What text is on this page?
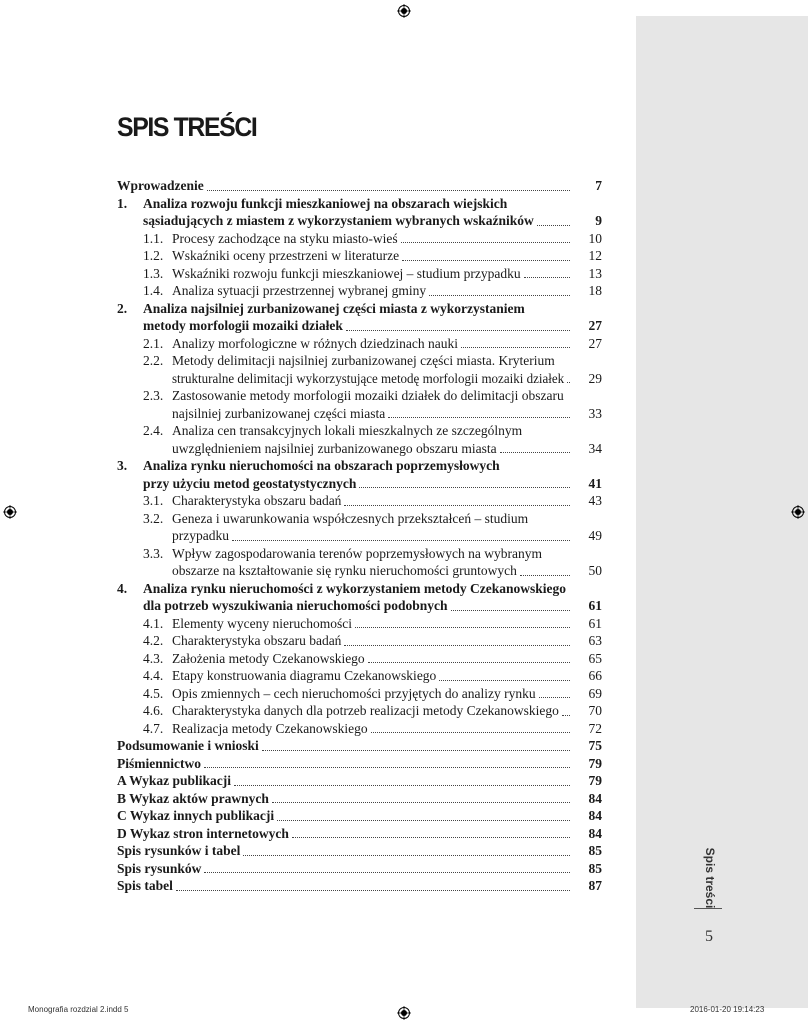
Spis treści
5
Monografia rozdzial 2.indd 5	2016-01-20 19:14:23
SPIS TREŚCI
Wprowadzenie	7
1. Analiza rozwoju funkcji mieszkaniowej na obszarach wiejskich
sąsiadujących z miastem z wykorzystaniem wybranych wskaźników	9
1.1. Procesy zachodzące na styku miasto-wieś	10
1.2. Wskaźniki oceny przestrzeni w literaturze	12
1.3. Wskaźniki rozwoju funkcji mieszkaniowej – studium przypadku	13
1.4. Analiza sytuacji przestrzennej wybranej gminy	18
2. Analiza najsilniej zurbanizowanej części miasta z wykorzystaniem
metody morfologii mozaiki działek	27
2.1. Analizy morfologiczne w różnych dziedzinach nauki	27
2.2. Metody delimitacji najsilniej zurbanizowanej części miasta. Kryterium
strukturalne delimitacji wykorzystujące metodę morfologii mozaiki działek	29
2.3. Zastosowanie metody morfologii mozaiki działek do delimitacji obszaru
najsilniej zurbanizowanej części miasta	33
2.4. Analiza cen transakcyjnych lokali mieszkalnych ze szczególnym
uwzględnieniem najsilniej zurbanizowanego obszaru miasta	34
3. Analiza rynku nieruchomości na obszarach poprzemysłowych
przy użyciu metod geostatystycznych	41
3.1. Charakterystyka obszaru badań	43
3.2. Geneza i uwarunkowania współczesnych przekształceń – studium
przypadku	49
3.3. Wpływ zagospodarowania terenów poprzemysłowych na wybranym
obszarze na kształtowanie się rynku nieruchomości gruntowych	50
4. Analiza rynku nieruchomości z wykorzystaniem metody Czekanowskiego
dla potrzeb wyszukiwania nieruchomości podobnych	61
4.1. Elementy wyceny nieruchomości	61
4.2. Charakterystyka obszaru badań	63
4.3. Założenia metody Czekanowskiego	65
4.4. Etapy konstruowania diagramu Czekanowskiego	66
4.5. Opis zmiennych – cech nieruchomości przyjętych do analizy rynku	69
4.6. Charakterystyka danych dla potrzeb realizacji metody Czekanowskiego	70
4.7. Realizacja metody Czekanowskiego	72
Podsumowanie i wnioski	75
Piśmiennictwo	79
A Wykaz publikacji	79
B Wykaz aktów prawnych	84
C Wykaz innych publikacji	84
D Wykaz stron internetowych	84
Spis rysunków i tabel	85
Spis rysunków	85
Spis tabel	87
